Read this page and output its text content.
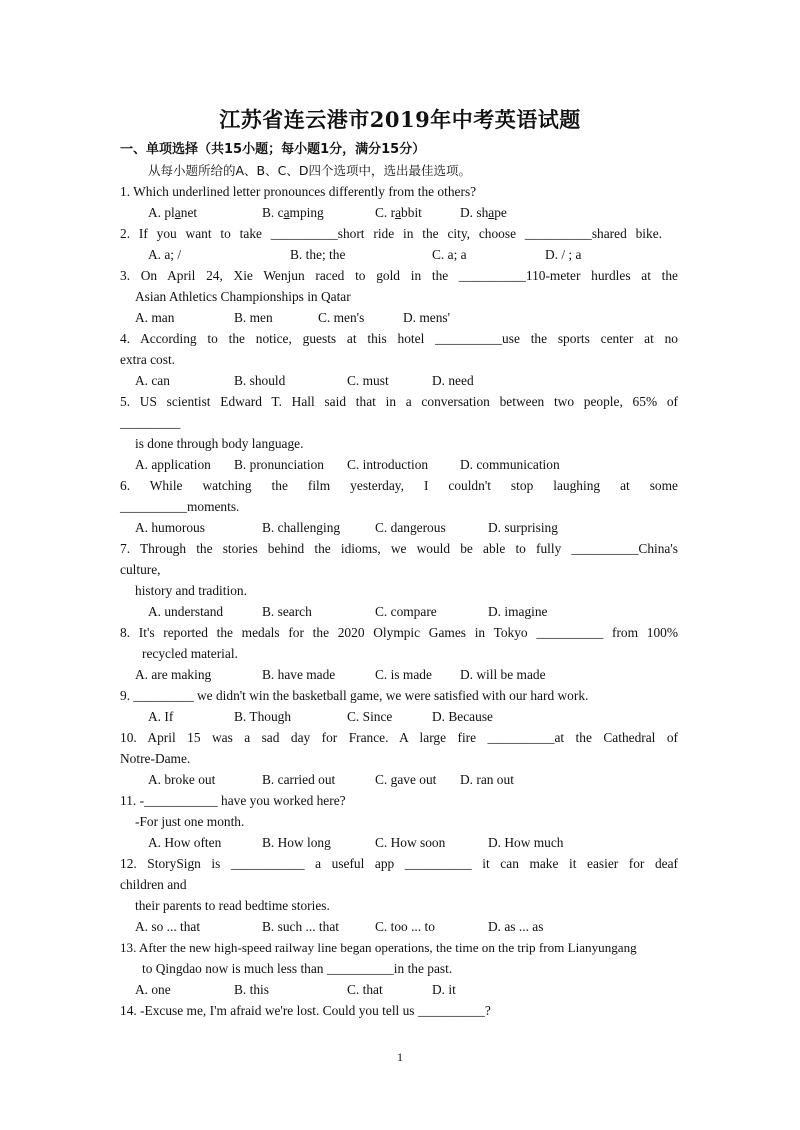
江苏省连云港市2019年中考英语试题
一、单项选择（共15小题；每小题1分，满分15分）
从每小题所给的A、B、C、D四个选项中，选出最佳选项。
1. Which underlined letter pronounces differently from the others?
A. planet	B. camping	C. rabbit	D. shape
2. If you want to take __________short ride in the city, choose __________shared bike.
A. a; /	B. the; the	C. a; a	D. / ; a
3. On April 24, Xie Wenjun raced to gold in the __________110-meter hurdles at the
Asian Athletics Championships in Qatar
A. man	B. men	C. men's	D. mens'
4. According to the notice, guests at this hotel __________use the sports center at no
extra cost.
A. can	B. should	C. must	D. need
5. US scientist Edward T. Hall said that in a conversation between two people, 65% of
_________
is done through body language.
A. application B. pronunciation C. introduction D. communication
6. While watching the film yesterday, I couldn't stop laughing at some
__________moments.
A. humorous	B. challenging	C. dangerous	D. surprising
7. Through the stories behind the idioms, we would be able to fully __________China's
culture,
history and tradition.
A. understand	B. search	C. compare	D. imagine
8. It's reported the medals for the 2020 Olympic Games in Tokyo __________ from 100%
recycled material.
A. are making	B. have made	C. is made D. will be made
9. _________ we didn't win the basketball game, we were satisfied with our hard work.
A. If	B. Though	C. Since	D. Because
10. April 15 was a sad day for France. A large fire __________at the Cathedral of
Notre-Dame.
A. broke out	B. carried out	C. gave out D. ran out
11. -___________ have you worked here?
-For just one month.
A. How often	B. How long	C. How soon	D. How much
12. StorySign is ___________ a useful app __________ it can make it easier for deaf
children and
their parents to read bedtime stories.
A. so ... that	B. such ... that	C. too ... to	D. as ... as
13. After the new high-speed railway line began operations, the time on the trip from Lianyungang
to Qingdao now is much less than __________in the past.
A. one	B. this	C. that	D. it
14. -Excuse me, I'm afraid we're lost. Could you tell us __________?
1
